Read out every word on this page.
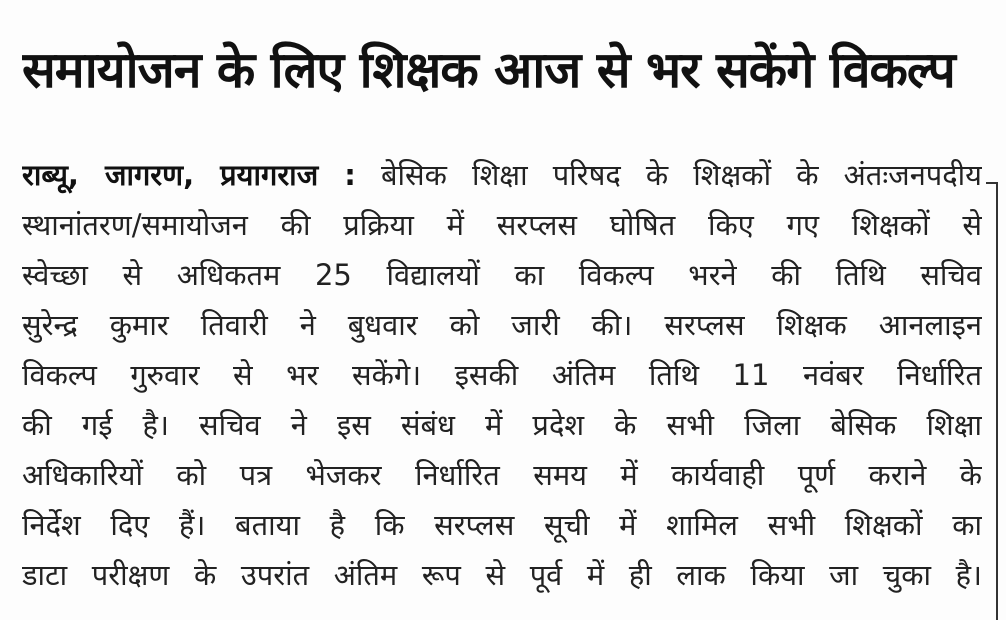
समायोजन के लिए शिक्षक आज से भर सकेंगे विकल्प
राब्यू, जागरण, प्रयागराज : बेसिक शिक्षा परिषद के शिक्षकों के अंतःजनपदीय
स्थानांतरण/समायोजन की प्रक्रिया में सरप्लस घोषित किए गए शिक्षकों से
स्वेच्छा से अधिकतम 25 विद्यालयों का विकल्प भरने की तिथि सचिव
सुरेन्द्र कुमार तिवारी ने बुधवार को जारी की। सरप्लस शिक्षक आनलाइन
विकल्प गुरुवार से भर सकेंगे। इसकी अंतिम तिथि 11 नवंबर निर्धारित
की गई है। सचिव ने इस संबंध में प्रदेश के सभी जिला बेसिक शिक्षा
अधिकारियों को पत्र भेजकर निर्धारित समय में कार्यवाही पूर्ण कराने के
निर्देश दिए हैं। बताया है कि सरप्लस सूची में शामिल सभी शिक्षकों का
डाटा परीक्षण के उपरांत अंतिम रूप से पूर्व में ही लाक किया जा चुका है।
